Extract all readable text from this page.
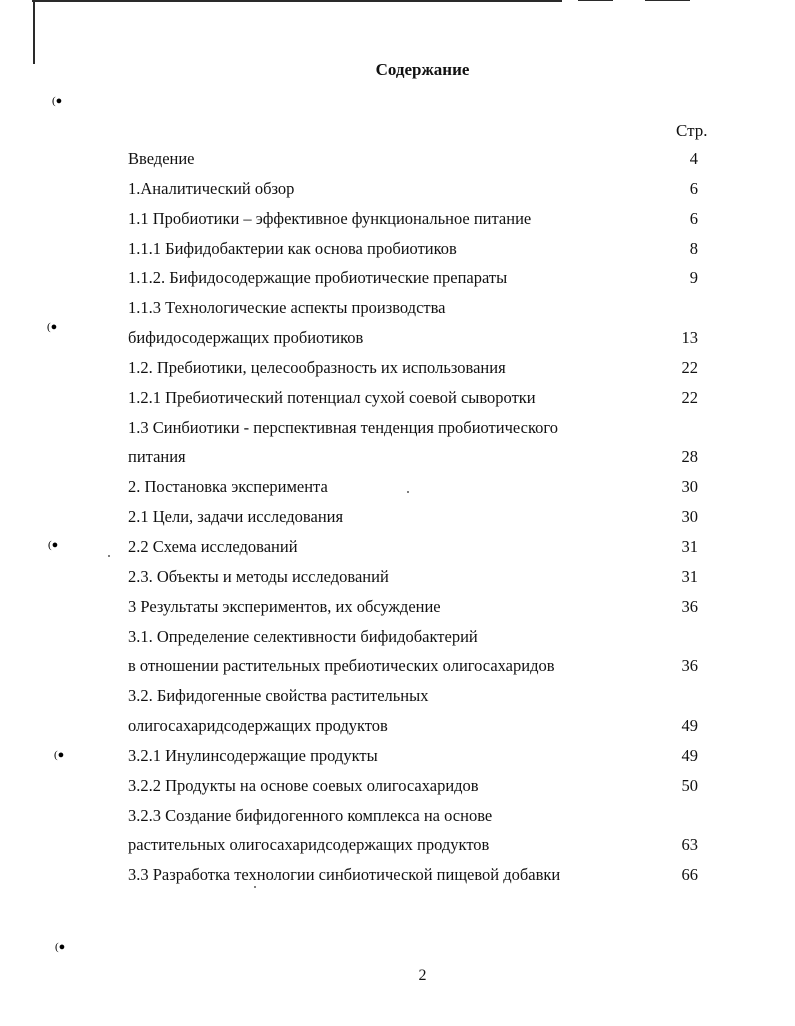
(●
(●
(●
(●
(●
Содержание
Стр.
Введение	4
1.Аналитический обзор	6
1.1 Пробиотики – эффективное функциональное питание	6
1.1.1 Бифидобактерии как основа пробиотиков	8
1.1.2. Бифидосодержащие пробиотические препараты	9
1.1.3 Технологические аспекты производства
бифидосодержащих пробиотиков	13
1.2. Пребиотики, целесообразность их использования	22
1.2.1 Пребиотический потенциал сухой соевой сыворотки	22
1.3 Синбиотики - перспективная тенденция пробиотического
питания	28
2. Постановка эксперимента	30
2.1 Цели, задачи исследования	30
2.2 Схема исследований	31
2.3. Объекты и методы исследований	31
3 Результаты экспериментов, их обсуждение	36
3.1. Определение селективности бифидобактерий
в отношении растительных пребиотических олигосахаридов	36
3.2. Бифидогенные свойства растительных
олигосахаридсодержащих продуктов	49
3.2.1 Инулинсодержащие продукты	49
3.2.2 Продукты на основе соевых олигосахаридов	50
3.2.3 Создание бифидогенного комплекса на основе
растительных олигосахаридсодержащих продуктов	63
3.3 Разработка технологии синбиотической пищевой добавки	66
2
